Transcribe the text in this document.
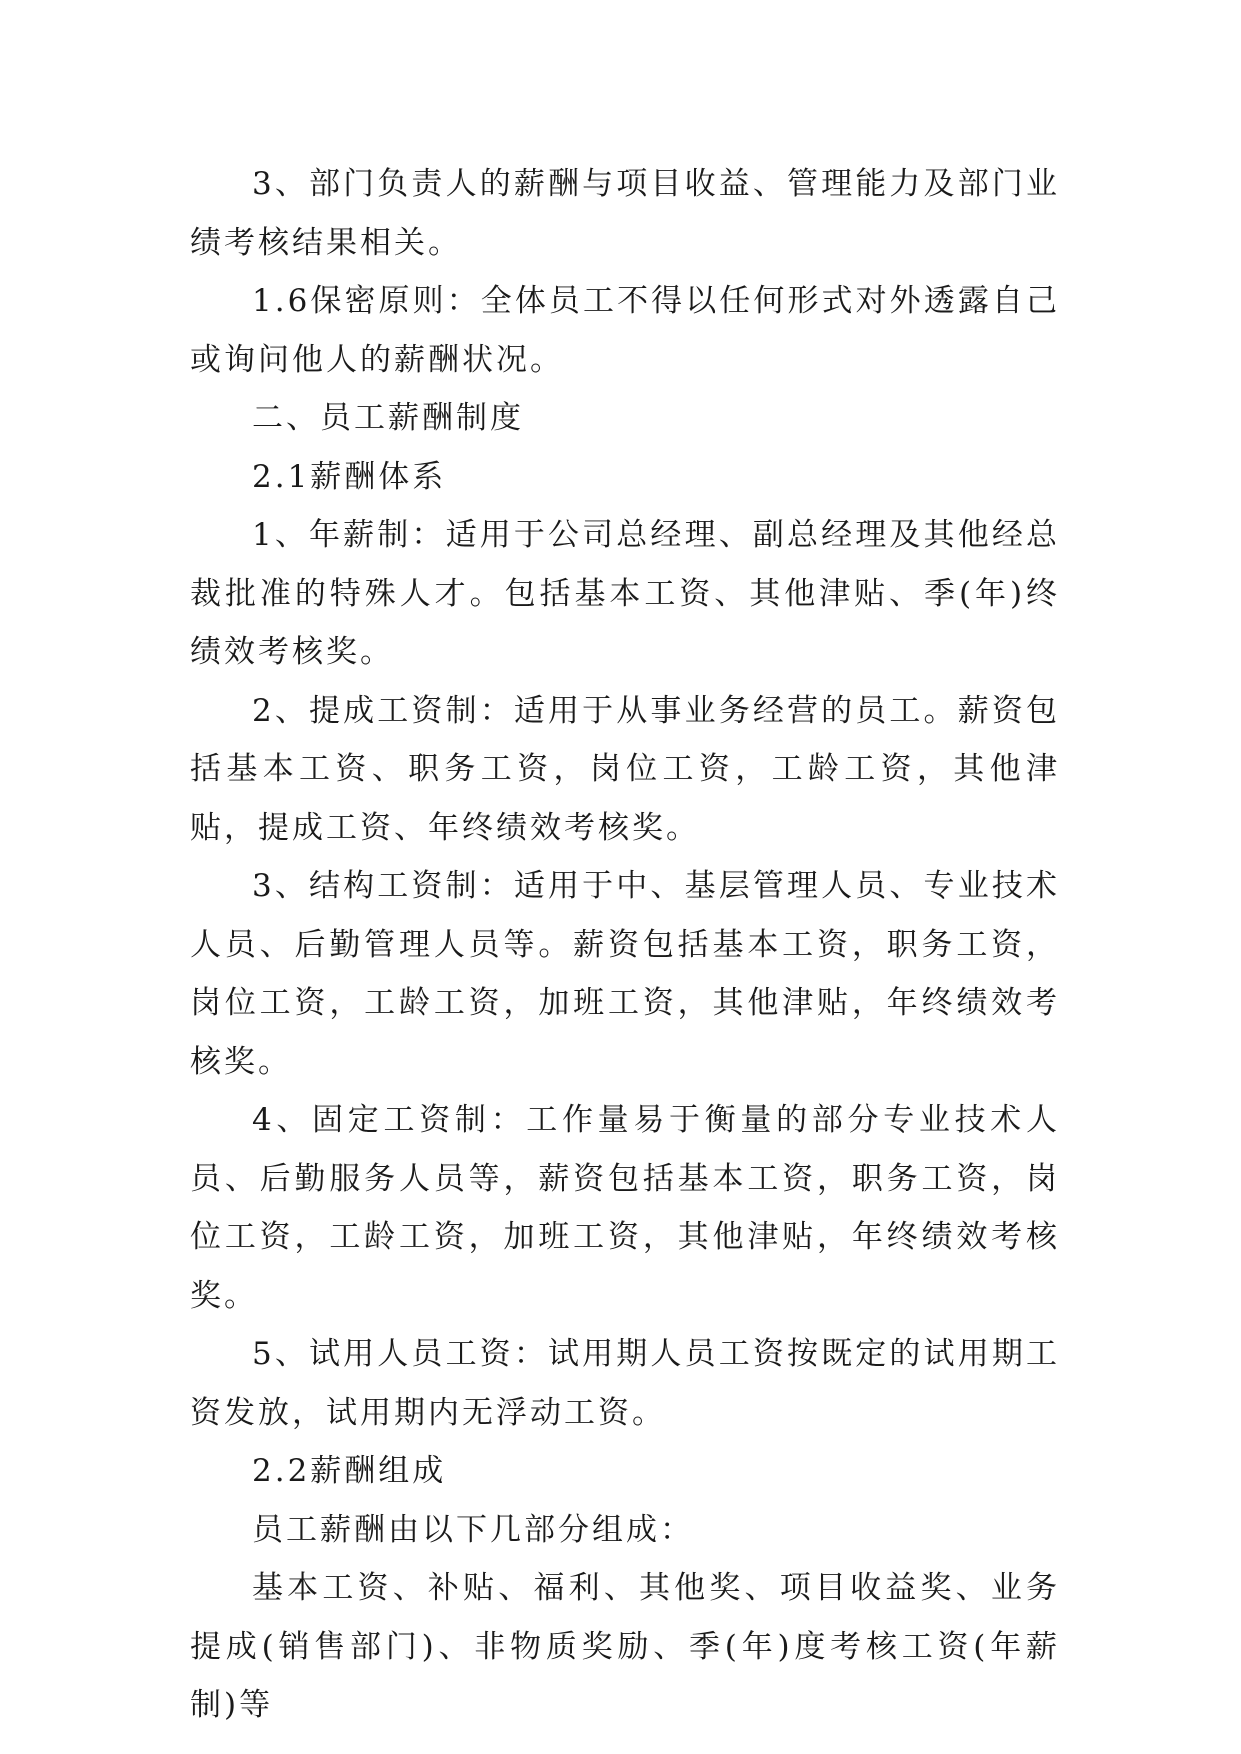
3、部门负责人的薪酬与项目收益、管理能力及部门业绩考核结果相关。

1.6保密原则：全体员工不得以任何形式对外透露自己或询问他人的薪酬状况。

二、员工薪酬制度

2.1薪酬体系

1、年薪制：适用于公司总经理、副总经理及其他经总裁批准的特殊人才。包括基本工资、其他津贴、季(年)终绩效考核奖。

2、提成工资制：适用于从事业务经营的员工。薪资包括基本工资、职务工资，岗位工资，工龄工资，其他津贴，提成工资、年终绩效考核奖。

3、结构工资制：适用于中、基层管理人员、专业技术人员、后勤管理人员等。薪资包括基本工资，职务工资，岗位工资，工龄工资，加班工资，其他津贴，年终绩效考核奖。

4、固定工资制：工作量易于衡量的部分专业技术人员、后勤服务人员等，薪资包括基本工资，职务工资，岗位工资，工龄工资，加班工资，其他津贴，年终绩效考核奖。

5、试用人员工资：试用期人员工资按既定的试用期工资发放，试用期内无浮动工资。

2.2薪酬组成

员工薪酬由以下几部分组成：

基本工资、补贴、福利、其他奖、项目收益奖、业务提成(销售部门)、非物质奖励、季(年)度考核工资(年薪制)等
